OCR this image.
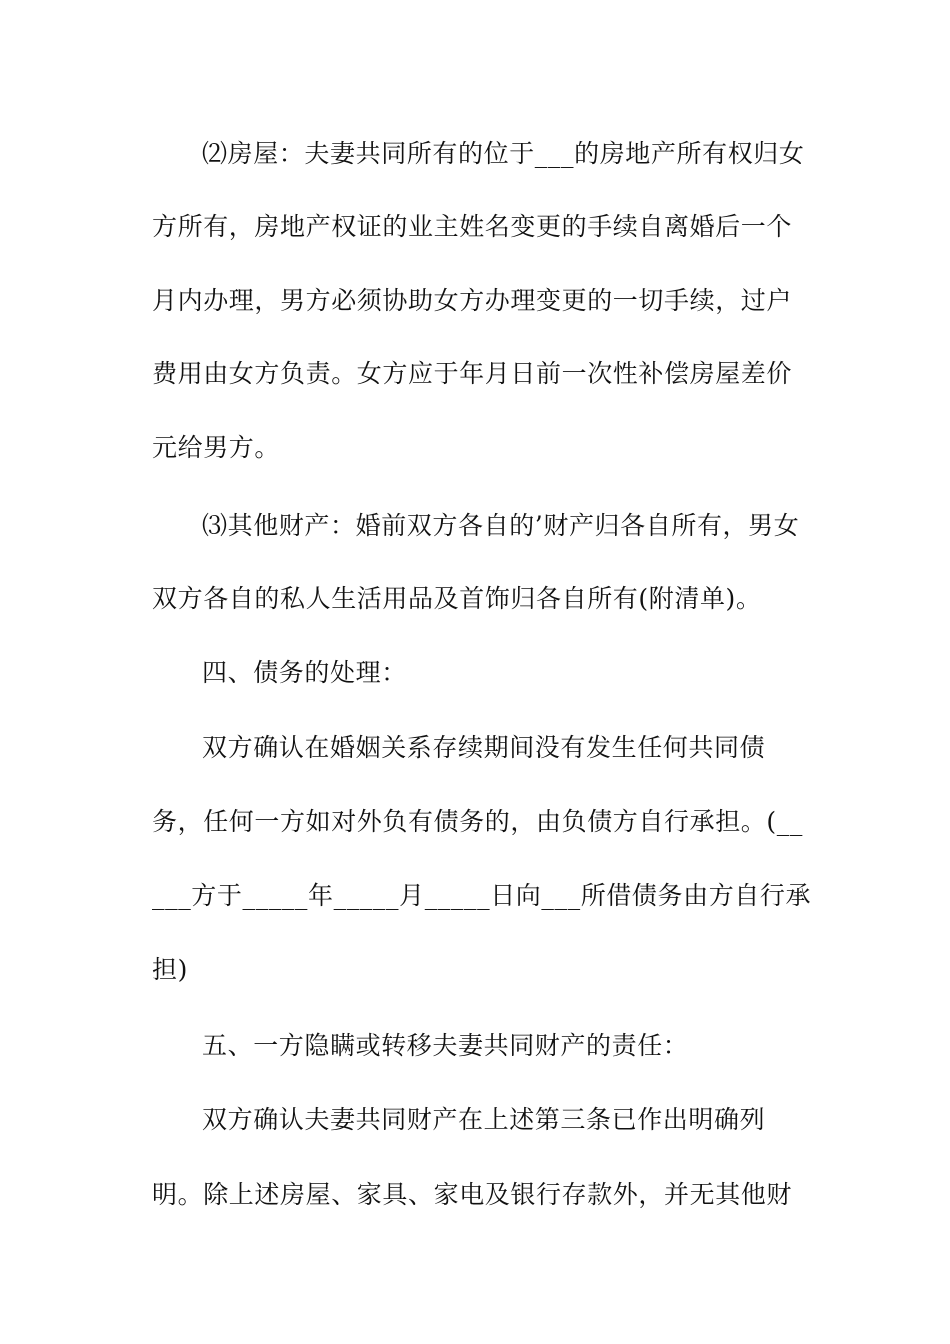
⑵房屋：夫妻共同所有的位于___的房地产所有权归女
方所有，房地产权证的业主姓名变更的手续自离婚后一个
月内办理，男方必须协助女方办理变更的一切手续，过户
费用由女方负责。女方应于年月日前一次性补偿房屋差价
元给男方。
⑶其他财产：婚前双方各自的’财产归各自所有，男女
双方各自的私人生活用品及首饰归各自所有(附清单)。
四、债务的处理：
双方确认在婚姻关系存续期间没有发生任何共同债
务，任何一方如对外负有债务的，由负债方自行承担。(__
___方于_____年_____月_____日向___所借债务由方自行承
担)
五、一方隐瞒或转移夫妻共同财产的责任：
双方确认夫妻共同财产在上述第三条已作出明确列
明。除上述房屋、家具、家电及银行存款外，并无其他财
